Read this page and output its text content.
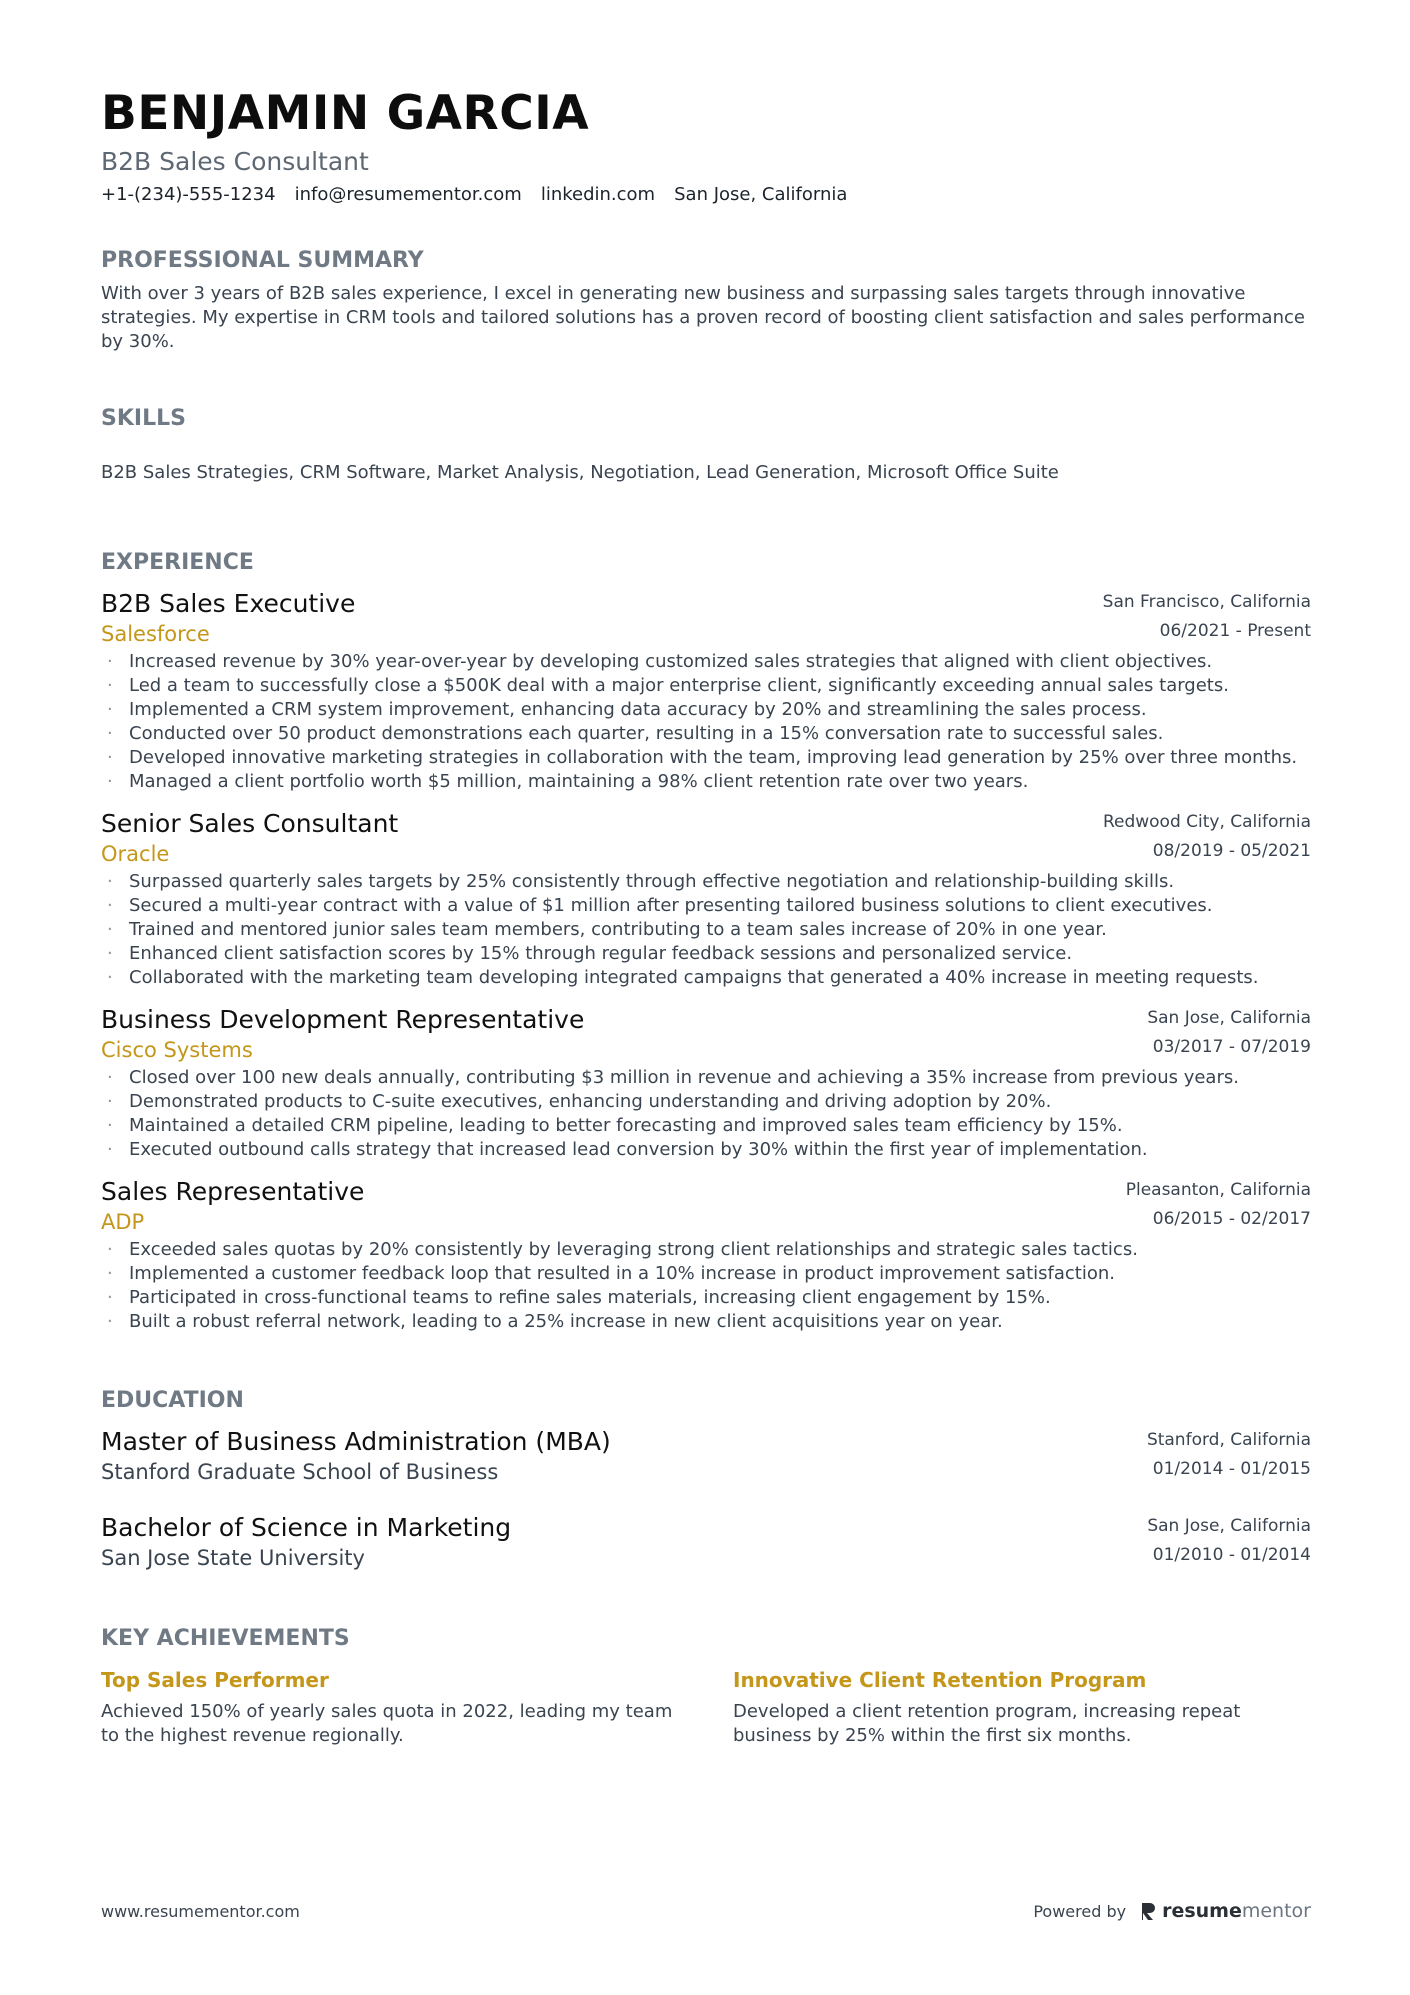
BENJAMIN GARCIA
B2B Sales Consultant
+1-(234)-555-1234 info@resumementor.com linkedin.com San Jose, California
PROFESSIONAL SUMMARY
With over 3 years of B2B sales experience, I excel in generating new business and surpassing sales targets through innovative strategies. My expertise in CRM tools and tailored solutions has a proven record of boosting client satisfaction and sales performance by 30%.
SKILLS
B2B Sales Strategies, CRM Software, Market Analysis, Negotiation, Lead Generation, Microsoft Office Suite
EXPERIENCE
B2B Sales Executive
Salesforce
San Francisco, California
06/2021 - Present
· Increased revenue by 30% year-over-year by developing customized sales strategies that aligned with client objectives.
· Led a team to successfully close a $500K deal with a major enterprise client, significantly exceeding annual sales targets.
· Implemented a CRM system improvement, enhancing data accuracy by 20% and streamlining the sales process.
· Conducted over 50 product demonstrations each quarter, resulting in a 15% conversation rate to successful sales.
· Developed innovative marketing strategies in collaboration with the team, improving lead generation by 25% over three months.
· Managed a client portfolio worth $5 million, maintaining a 98% client retention rate over two years.
Senior Sales Consultant
Oracle
Redwood City, California
08/2019 - 05/2021
· Surpassed quarterly sales targets by 25% consistently through effective negotiation and relationship-building skills.
· Secured a multi-year contract with a value of $1 million after presenting tailored business solutions to client executives.
· Trained and mentored junior sales team members, contributing to a team sales increase of 20% in one year.
· Enhanced client satisfaction scores by 15% through regular feedback sessions and personalized service.
· Collaborated with the marketing team developing integrated campaigns that generated a 40% increase in meeting requests.
Business Development Representative
Cisco Systems
San Jose, California
03/2017 - 07/2019
· Closed over 100 new deals annually, contributing $3 million in revenue and achieving a 35% increase from previous years.
· Demonstrated products to C-suite executives, enhancing understanding and driving adoption by 20%.
· Maintained a detailed CRM pipeline, leading to better forecasting and improved sales team efficiency by 15%.
· Executed outbound calls strategy that increased lead conversion by 30% within the first year of implementation.
Sales Representative
ADP
Pleasanton, California
06/2015 - 02/2017
· Exceeded sales quotas by 20% consistently by leveraging strong client relationships and strategic sales tactics.
· Implemented a customer feedback loop that resulted in a 10% increase in product improvement satisfaction.
· Participated in cross-functional teams to refine sales materials, increasing client engagement by 15%.
· Built a robust referral network, leading to a 25% increase in new client acquisitions year on year.
EDUCATION
Master of Business Administration (MBA)
Stanford Graduate School of Business
Stanford, California
01/2014 - 01/2015
Bachelor of Science in Marketing
San Jose State University
San Jose, California
01/2010 - 01/2014
KEY ACHIEVEMENTS
Top Sales Performer
Achieved 150% of yearly sales quota in 2022, leading my team to the highest revenue regionally.
Innovative Client Retention Program
Developed a client retention program, increasing repeat business by 25% within the first six months.
www.resumementor.com	Powered by resume mentor
